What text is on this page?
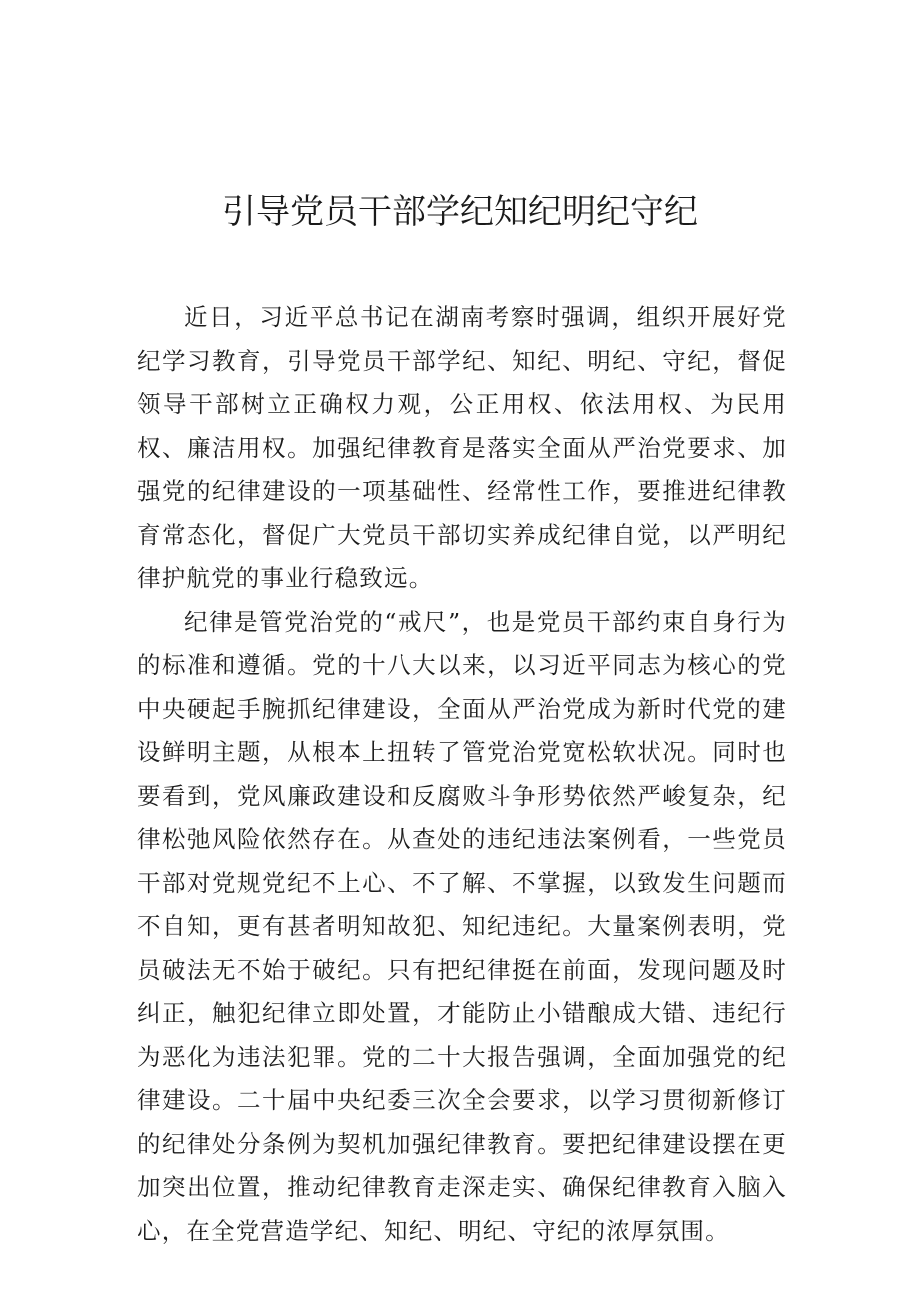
引导党员干部学纪知纪明纪守纪

近日，习近平总书记在湖南考察时强调，组织开展好党纪学习教育，引导党员干部学纪、知纪、明纪、守纪，督促领导干部树立正确权力观，公正用权、依法用权、为民用权、廉洁用权。加强纪律教育是落实全面从严治党要求、加强党的纪律建设的一项基础性、经常性工作，要推进纪律教育常态化，督促广大党员干部切实养成纪律自觉，以严明纪律护航党的事业行稳致远。

纪律是管党治党的“戒尺”，也是党员干部约束自身行为的标准和遵循。党的十八大以来，以习近平同志为核心的党中央硬起手腕抓纪律建设，全面从严治党成为新时代党的建设鲜明主题，从根本上扭转了管党治党宽松软状况。同时也要看到，党风廉政建设和反腐败斗争形势依然严峻复杂，纪律松弛风险依然存在。从查处的违纪违法案例看，一些党员干部对党规党纪不上心、不了解、不掌握，以致发生问题而不自知，更有甚者明知故犯、知纪违纪。大量案例表明，党员破法无不始于破纪。只有把纪律挺在前面，发现问题及时纠正，触犯纪律立即处置，才能防止小错酿成大错、违纪行为恶化为违法犯罪。党的二十大报告强调，全面加强党的纪律建设。二十届中央纪委三次全会要求，以学习贯彻新修订的纪律处分条例为契机加强纪律教育。要把纪律建设摆在更加突出位置，推动纪律教育走深走实、确保纪律教育入脑入心，在全党营造学纪、知纪、明纪、守纪的浓厚氛围。
